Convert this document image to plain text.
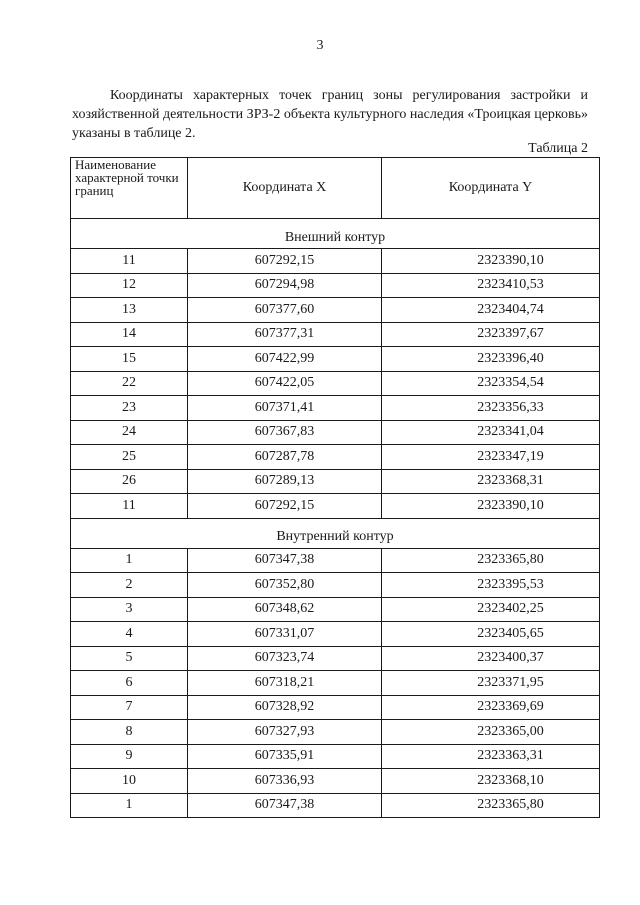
3

Координаты характерных точек границ зоны регулирования застройки и хозяйственной деятельности ЗРЗ-2 объекта культурного наследия «Троицкая церковь» указаны в таблице 2.

Таблица 2
Наименование характерной точки границ	Координата X	Координата Y

Внешний контур		
11	607292,15	2323390,10
12	607294,98	2323410,53
13	607377,60	2323404,74
14	607377,31	2323397,67
15	607422,99	2323396,40
22	607422,05	2323354,54
23	607371,41	2323356,33
24	607367,83	2323341,04
25	607287,78	2323347,19
26	607289,13	2323368,31
11	607292,15	2323390,10

Внутренний контур		
1	607347,38	2323365,80
2	607352,80	2323395,53
3	607348,62	2323402,25
4	607331,07	2323405,65
5	607323,74	2323400,37
6	607318,21	2323371,95
7	607328,92	2323369,69
8	607327,93	2323365,00
9	607335,91	2323363,31
10	607336,93	2323368,10
1	607347,38	2323365,80
